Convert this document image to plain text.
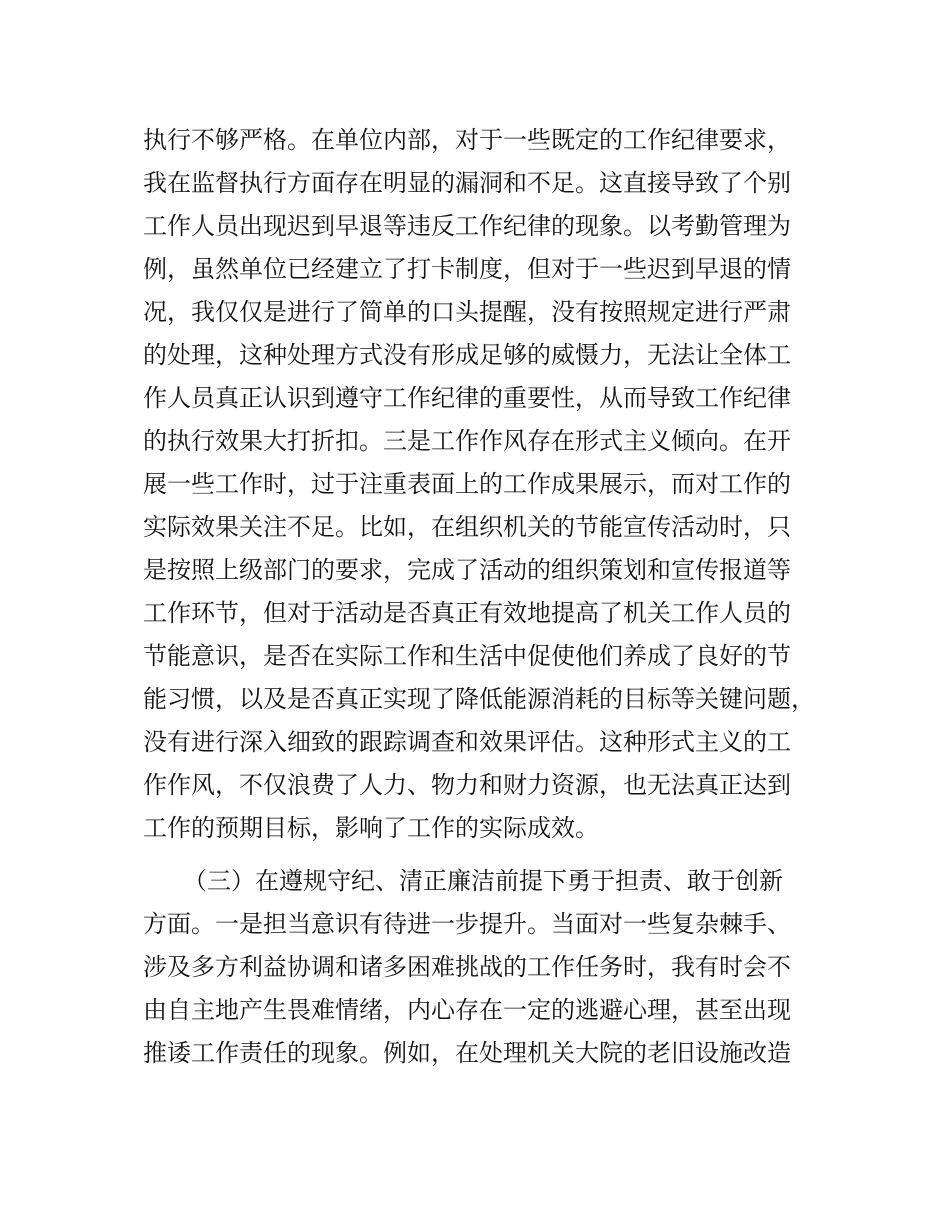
执行不够严格。在单位内部，对于一些既定的工作纪律要求，
我在监督执行方面存在明显的漏洞和不足。这直接导致了个别
工作人员出现迟到早退等违反工作纪律的现象。以考勤管理为
例，虽然单位已经建立了打卡制度，但对于一些迟到早退的情
况，我仅仅是进行了简单的口头提醒，没有按照规定进行严肃
的处理，这种处理方式没有形成足够的威慑力，无法让全体工
作人员真正认识到遵守工作纪律的重要性，从而导致工作纪律
的执行效果大打折扣。三是工作作风存在形式主义倾向。在开
展一些工作时，过于注重表面上的工作成果展示，而对工作的
实际效果关注不足。比如，在组织机关的节能宣传活动时，只
是按照上级部门的要求，完成了活动的组织策划和宣传报道等
工作环节，但对于活动是否真正有效地提高了机关工作人员的
节能意识，是否在实际工作和生活中促使他们养成了良好的节
能习惯，以及是否真正实现了降低能源消耗的目标等关键问题，
没有进行深入细致的跟踪调查和效果评估。这种形式主义的工
作作风，不仅浪费了人力、物力和财力资源，也无法真正达到
工作的预期目标，影响了工作的实际成效。
（三）在遵规守纪、清正廉洁前提下勇于担责、敢于创新
方面。一是担当意识有待进一步提升。当面对一些复杂棘手、
涉及多方利益协调和诸多困难挑战的工作任务时，我有时会不
由自主地产生畏难情绪，内心存在一定的逃避心理，甚至出现
推诿工作责任的现象。例如，在处理机关大院的老旧设施改造
